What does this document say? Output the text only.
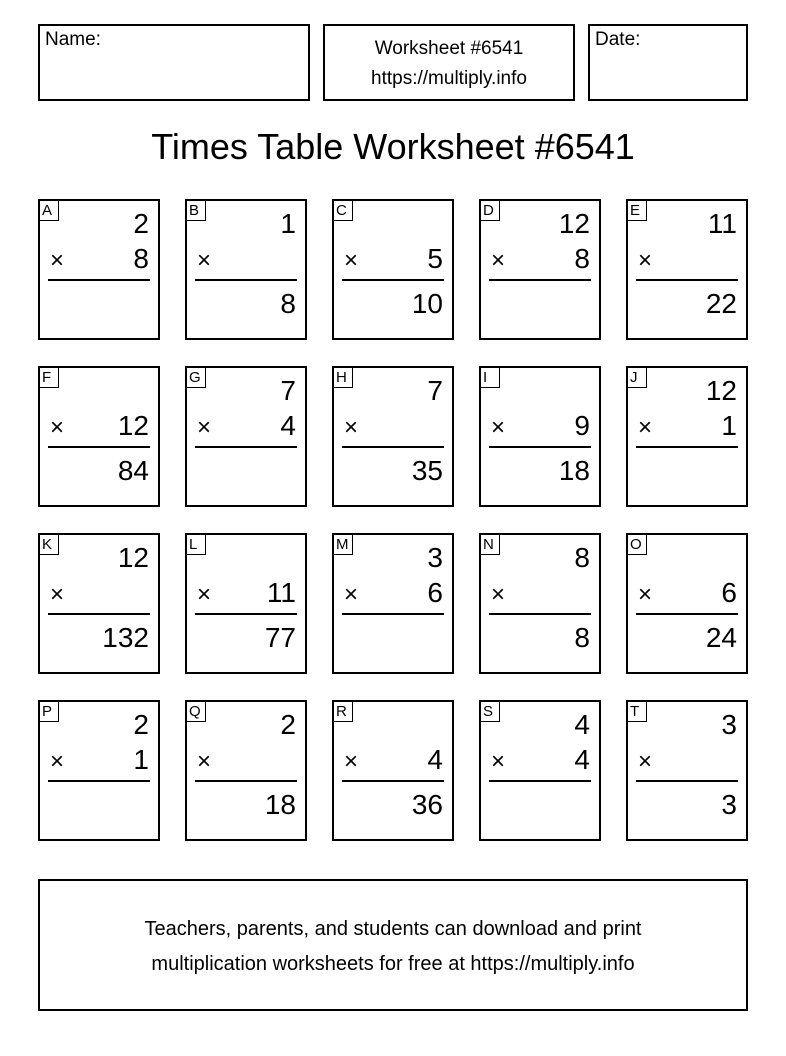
Name:	Worksheet #6541
https://multiply.info
Date:
Times Table Worksheet #6541
A	2
× 8
B	1
×
8
C
× 5
10
D 12
× 8
E 11
×
22
F
× 12
84
G	7
× 4
H	7
×
35
I
× 9
18
J	12
× 1
K 12
×
132
L
× 11
77
M	3
× 6
N	8
×
8
O
× 6
24
P	2
× 1
Q	2
×
18
R
× 4
36
S	4
× 4
T	3
×
3
Teachers, parents, and students can download and print
multiplication worksheets for free at https://multiply.info
